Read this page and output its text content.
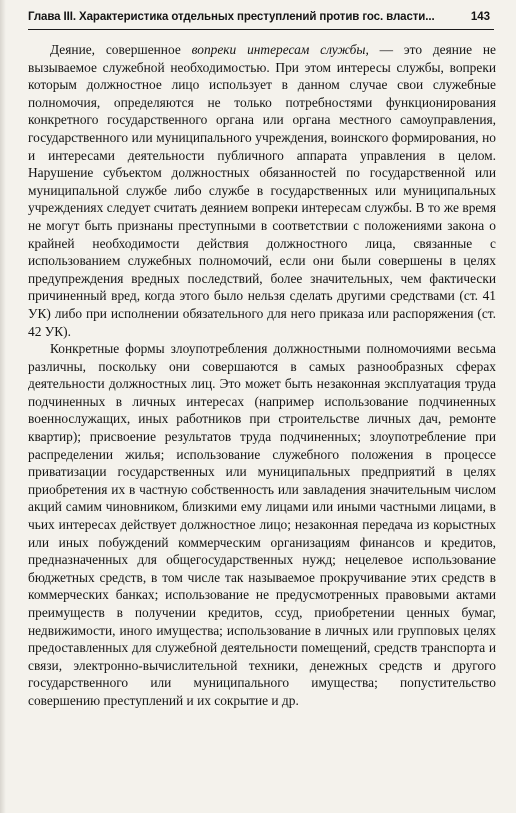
Глава III. Характеристика отдельных преступлений против гос. власти...	143

Деяние, совершенное вопреки интересам службы, — это деяние не вызываемое служебной необходимостью. При этом интересы службы, вопреки которым должностное лицо использует в данном случае свои служебные полномочия, определяются не только потребностями функционирования конкретного государственного органа или органа местного самоуправления, государственного или муниципального учреждения, воинского формирования, но и интересами деятельности публичного аппарата управления в целом. Нарушение субъектом должностных обязанностей по государственной или муниципальной службе либо службе в государственных или муниципальных учреждениях следует считать деянием вопреки интересам службы. В то же время не могут быть признаны преступными в соответствии с положениями закона о крайней необходимости действия должностного лица, связанные с использованием служебных полномочий, если они были совершены в целях предупреждения вредных последствий, более значительных, чем фактически причиненный вред, когда этого было нельзя сделать другими средствами (ст. 41 УК) либо при исполнении обязательного для него приказа или распоряжения (ст. 42 УК).

Конкретные формы злоупотребления должностными полномочиями весьма различны, поскольку они совершаются в самых разнообразных сферах деятельности должностных лиц. Это может быть незаконная эксплуатация труда подчиненных в личных интересах (например использование подчиненных военнослужащих, иных работников при строительстве личных дач, ремонте квартир); присвоение результатов труда подчиненных; злоупотребление при распределении жилья; использование служебного положения в процессе приватизации государственных или муниципальных предприятий в целях приобретения их в частную собственность или завладения значительным числом акций самим чиновником, близкими ему лицами или иными частными лицами, в чьих интересах действует должностное лицо; незаконная передача из корыстных или иных побуждений коммерческим организациям финансов и кредитов, предназначенных для общегосударственных нужд; нецелевое использование бюджетных средств, в том числе так называемое прокручивание этих средств в коммерческих банках; использование не предусмотренных правовыми актами преимуществ в получении кредитов, ссуд, приобретении ценных бумаг, недвижимости, иного имущества; использование в личных или групповых целях предоставленных для служебной деятельности помещений, средств транспорта и связи, электронно-вычислительной техники, денежных средств и другого государственного или муниципального имущества; попустительство совершению преступлений и их сокрытие и др.
